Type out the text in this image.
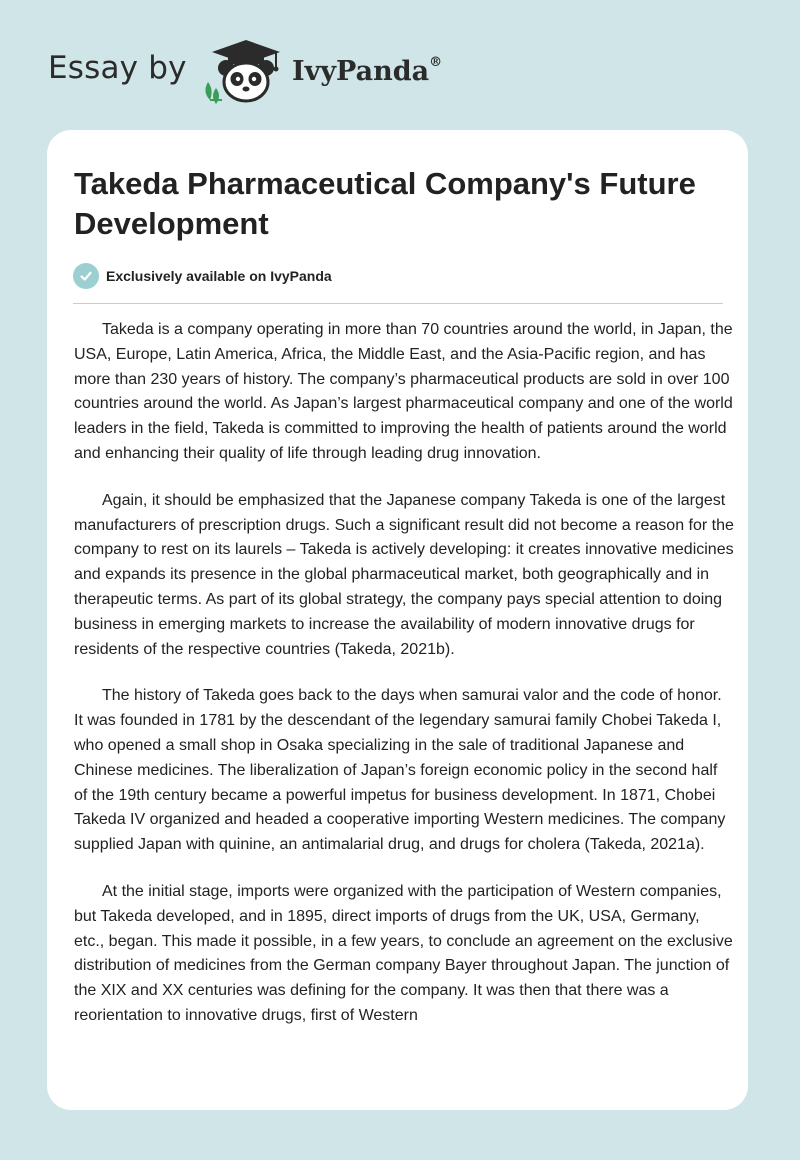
Essay by	IvyPanda®
Takeda Pharmaceutical Company's Future Development
Exclusively available on IvyPanda

Takeda is a company operating in more than 70 countries around the world, in Japan, the USA, Europe, Latin America, Africa, the Middle East, and the Asia-Pacific region, and has more than 230 years of history. The company’s pharmaceutical products are sold in over 100 countries around the world. As Japan’s largest pharmaceutical company and one of the world leaders in the field, Takeda is committed to improving the health of patients around the world and enhancing their quality of life through leading drug innovation.

Again, it should be emphasized that the Japanese company Takeda is one of the largest manufacturers of prescription drugs. Such a significant result did not become a reason for the company to rest on its laurels – Takeda is actively developing: it creates innovative medicines and expands its presence in the global pharmaceutical market, both geographically and in therapeutic terms. As part of its global strategy, the company pays special attention to doing business in emerging markets to increase the availability of modern innovative drugs for residents of the respective countries (Takeda, 2021b).

The history of Takeda goes back to the days when samurai valor and the code of honor. It was founded in 1781 by the descendant of the legendary samurai family Chobei Takeda I, who opened a small shop in Osaka specializing in the sale of traditional Japanese and Chinese medicines. The liberalization of Japan’s foreign economic policy in the second half of the 19th century became a powerful impetus for business development. In 1871, Chobei Takeda IV organized and headed a cooperative importing Western medicines. The company supplied Japan with quinine, an antimalarial drug, and drugs for cholera (Takeda, 2021a).

At the initial stage, imports were organized with the participation of Western companies, but Takeda developed, and in 1895, direct imports of drugs from the UK, USA, Germany, etc., began. This made it possible, in a few years, to conclude an agreement on the exclusive distribution of medicines from the German company Bayer throughout Japan. The junction of the XIX and XX centuries was defining for the company. It was then that there was a reorientation to innovative drugs, first of Western
